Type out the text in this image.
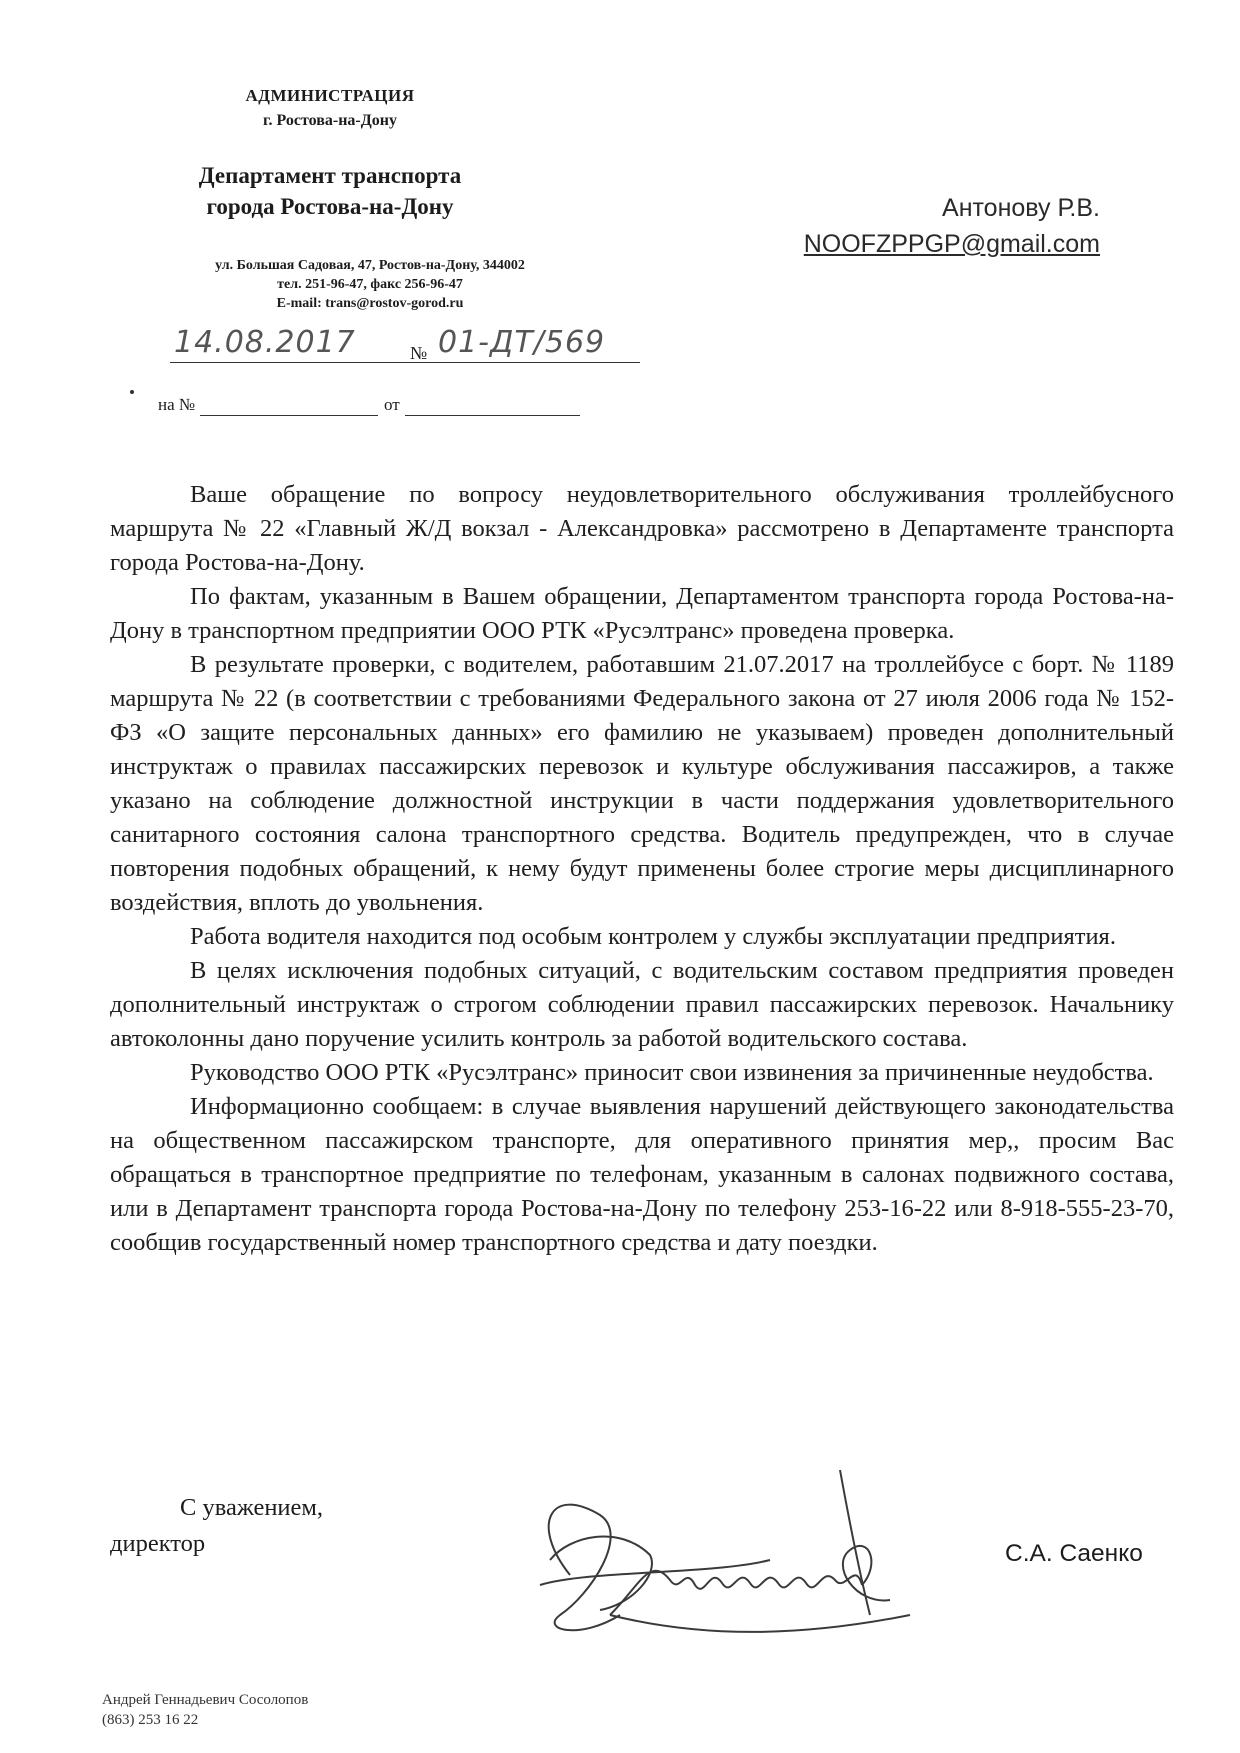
АДМИНИСТРАЦИЯ
г. Ростова-на-Дону
Департамент транспорта
города Ростова-на-Дону
ул. Большая Садовая, 47, Ростов-на-Дону, 344002
тел. 251-96-47, факс 256-96-47
E-mail: trans@rostov-gorod.ru
Антонову Р.В.
NOOFZPPGP@gmail.com
14.08.2017	№ 01-ДТ/569
на №	от

Ваше обращение по вопросу неудовлетворительного обслуживания троллейбусного маршрута № 22 «Главный Ж/Д вокзал - Александровка» рассмотрено в Департаменте транспорта города Ростова-на-Дону.

По фактам, указанным в Вашем обращении, Департаментом транспорта города Ростова-на-Дону в транспортном предприятии ООО РТК «Русэлтранс» проведена проверка.

В результате проверки, с водителем, работавшим 21.07.2017 на троллейбусе с борт. № 1189 маршрута № 22 (в соответствии с требованиями Федерального закона от 27 июля 2006 года № 152-ФЗ «О защите персональных данных» его фамилию не указываем) проведен дополнительный инструктаж о правилах пассажирских перевозок и культуре обслуживания пассажиров, а также указано на соблюдение должностной инструкции в части поддержания удовлетворительного санитарного состояния салона транспортного средства. Водитель предупрежден, что в случае повторения подобных обращений, к нему будут применены более строгие меры дисциплинарного воздействия, вплоть до увольнения.

Работа водителя находится под особым контролем у службы эксплуатации предприятия.

В целях исключения подобных ситуаций, с водительским составом предприятия проведен дополнительный инструктаж о строгом соблюдении правил пассажирских перевозок. Начальнику автоколонны дано поручение усилить контроль за работой водительского состава.

Руководство ООО РТК «Русэлтранс» приносит свои извинения за причиненные неудобства.

Информационно сообщаем: в случае выявления нарушений действующего законодательства на общественном пассажирском транспорте, для оперативного принятия мер,, просим Вас обращаться в транспортное предприятие по телефонам, указанным в салонах подвижного состава, или в Департамент транспорта города Ростова-на-Дону по телефону 253-16-22 или 8-918-555-23-70, сообщив государственный номер транспортного средства и дату поездки.

С уважением,
директор	С.А. Саенко
Андрей Геннадьевич Сосолопов
(863) 253 16 22
